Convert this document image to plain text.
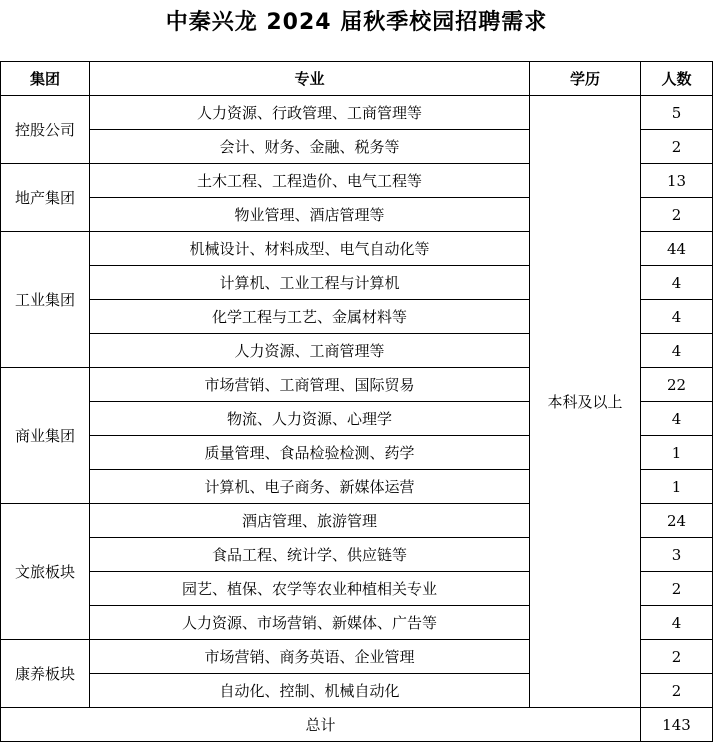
中秦兴龙 2024 届秋季校园招聘需求
集团	专业	学历	人数
控股公司	人力资源、行政管理、工商管理等	本科及以上	5
	会计、财务、金融、税务等		2
地产集团	土木工程、工程造价、电气工程等		13
	物业管理、酒店管理等		2
工业集团	机械设计、材料成型、电气自动化等		44
	计算机、工业工程与计算机		4
	化学工程与工艺、金属材料等		4
	人力资源、工商管理等		4
商业集团	市场营销、工商管理、国际贸易		22
	物流、人力资源、心理学		4
	质量管理、食品检验检测、药学		1
	计算机、电子商务、新媒体运营		1
文旅板块	酒店管理、旅游管理		24
	食品工程、统计学、供应链等		3
	园艺、植保、农学等农业种植相关专业		2
	人力资源、市场营销、新媒体、广告等		4
康养板块	市场营销、商务英语、企业管理		2
	自动化、控制、机械自动化		2
总计			143
